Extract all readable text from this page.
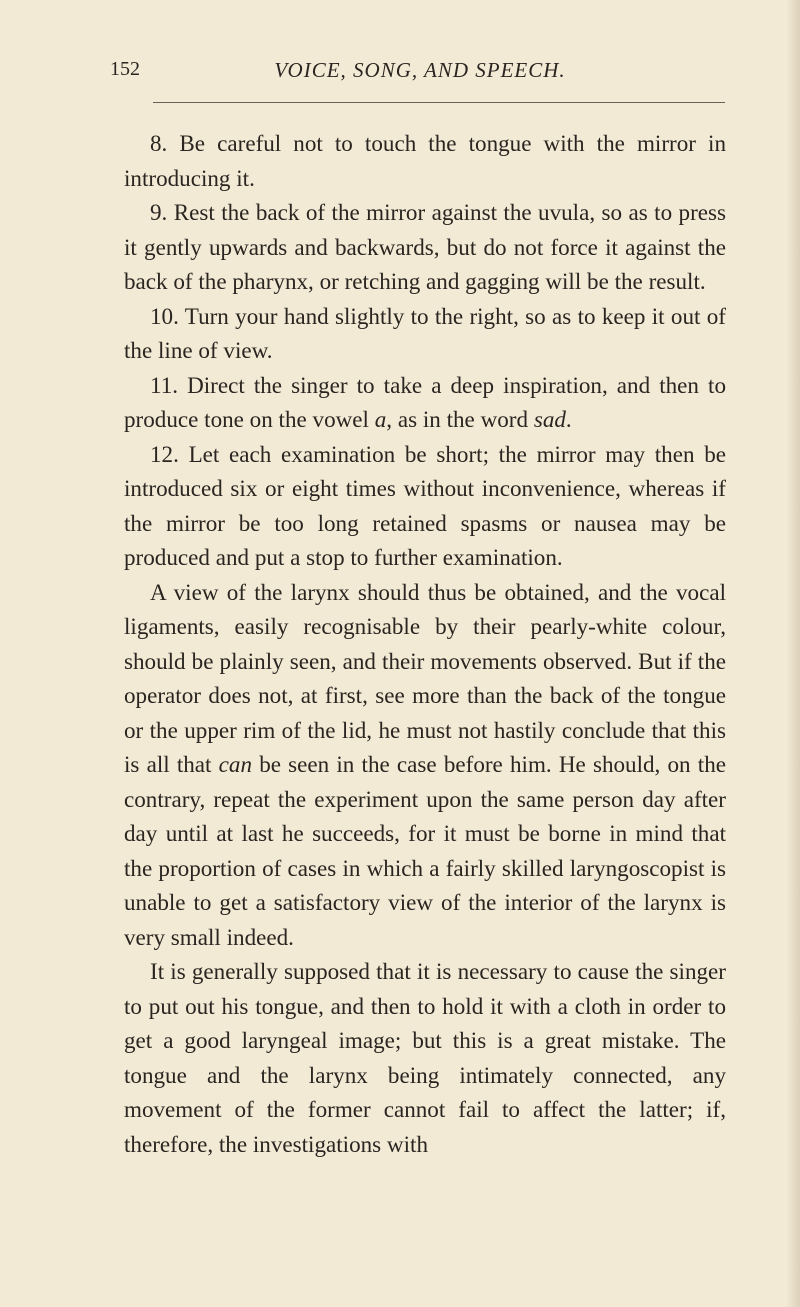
152	VOICE, SONG, AND SPEECH.

8. Be careful not to touch the tongue with the mirror in introducing it.

9. Rest the back of the mirror against the uvula, so as to press it gently upwards and backwards, but do not force it against the back of the pharynx, or retching and gagging will be the result.

10. Turn your hand slightly to the right, so as to keep it out of the line of view.

11. Direct the singer to take a deep inspiration, and then to produce tone on the vowel a, as in the word sad.

12. Let each examination be short; the mirror may then be introduced six or eight times without inconvenience, whereas if the mirror be too long retained spasms or nausea may be produced and put a stop to further examination.

A view of the larynx should thus be obtained, and the vocal ligaments, easily recognisable by their pearly-white colour, should be plainly seen, and their movements observed. But if the operator does not, at first, see more than the back of the tongue or the upper rim of the lid, he must not hastily conclude that this is all that can be seen in the case before him. He should, on the contrary, repeat the experiment upon the same person day after day until at last he succeeds, for it must be borne in mind that the proportion of cases in which a fairly skilled laryngoscopist is unable to get a satisfactory view of the interior of the larynx is very small indeed.

It is generally supposed that it is necessary to cause the singer to put out his tongue, and then to hold it with a cloth in order to get a good laryngeal image; but this is a great mistake. The tongue and the larynx being intimately connected, any movement of the former cannot fail to affect the latter; if, therefore, the investigations with
